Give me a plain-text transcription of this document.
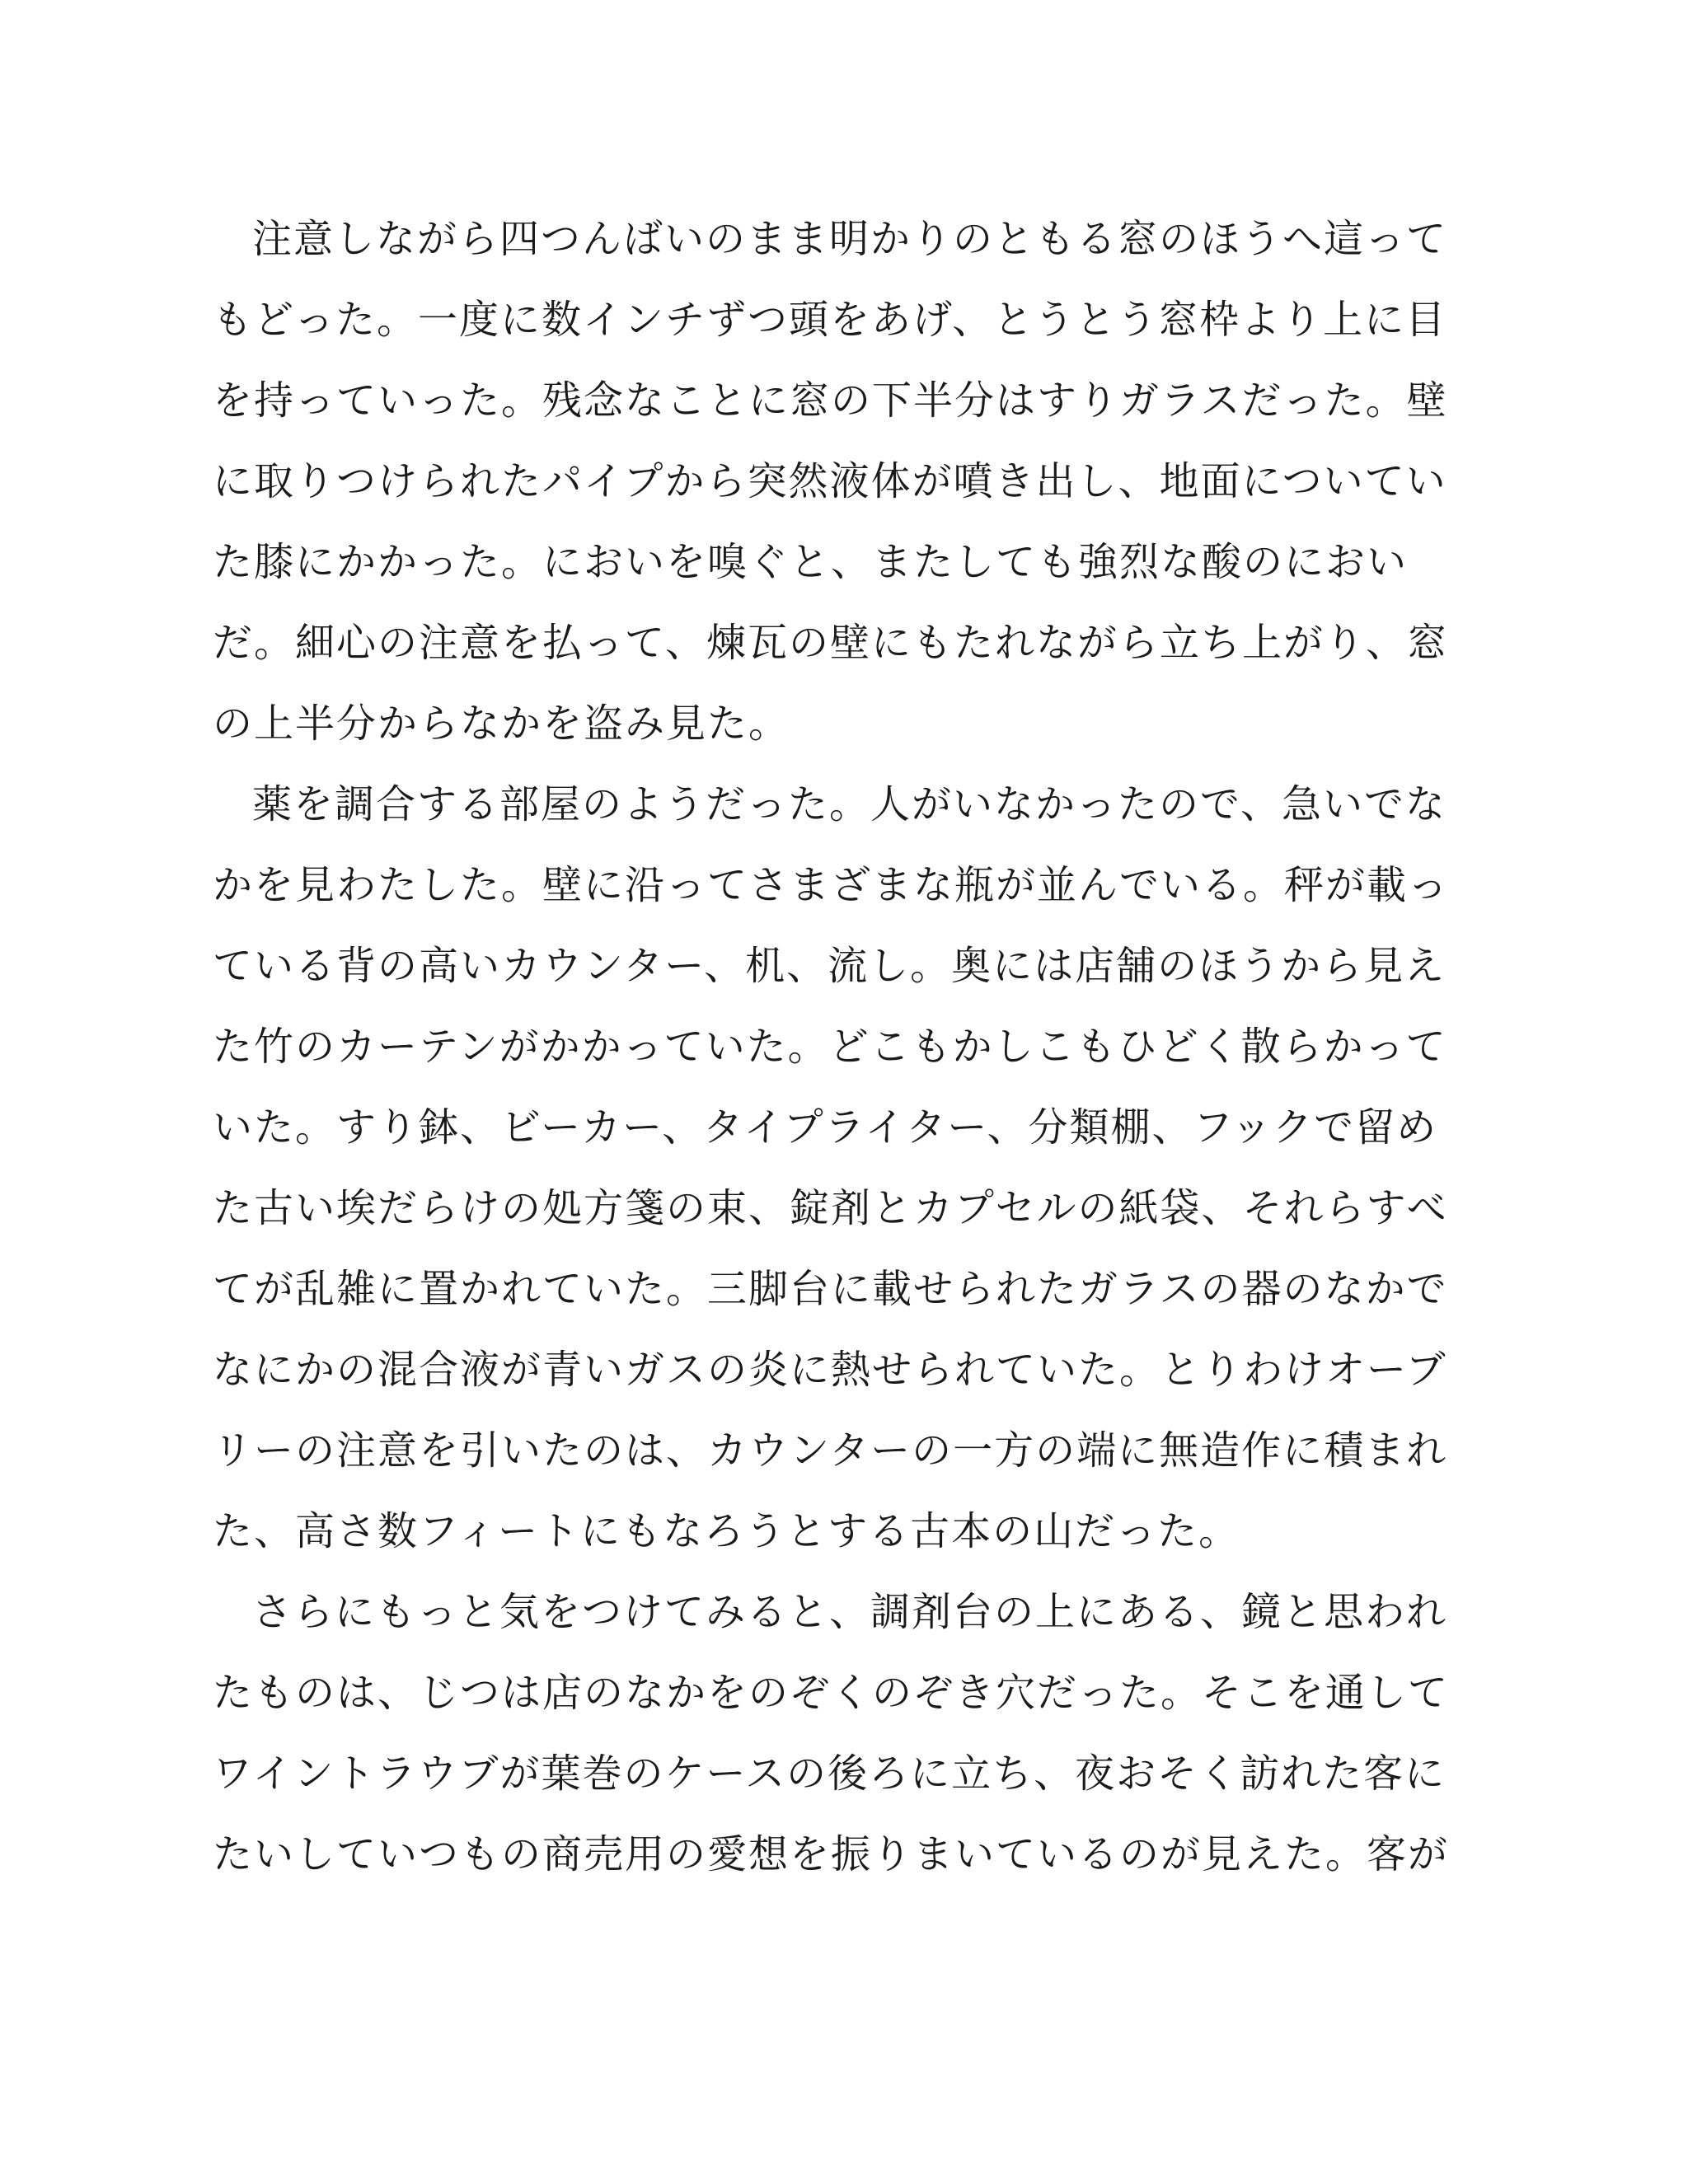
注意しながら四つんばいのまま明かりのともる窓のほうへ這って
もどった。一度に数インチずつ頭をあげ、とうとう窓枠より上に目
を持っていった。残念なことに窓の下半分はすりガラスだった。壁
に取りつけられたパイプから突然液体が噴き出し、地面についてい
た膝にかかった。においを嗅ぐと、またしても強烈な酸のにおい
だ。細心の注意を払って、煉瓦の壁にもたれながら立ち上がり、窓
の上半分からなかを盗み見た。
薬を調合する部屋のようだった。人がいなかったので、急いでな
かを見わたした。壁に沿ってさまざまな瓶が並んでいる。秤が載っ
ている背の高いカウンター、机、流し。奥には店舗のほうから見え
た竹のカーテンがかかっていた。どこもかしこもひどく散らかって
いた。すり鉢、ビーカー、タイプライター、分類棚、フックで留め
た古い埃だらけの処方箋の束、錠剤とカプセルの紙袋、それらすべ
てが乱雑に置かれていた。三脚台に載せられたガラスの器のなかで
なにかの混合液が青いガスの炎に熱せられていた。とりわけオーブ
リーの注意を引いたのは、カウンターの一方の端に無造作に積まれ
た、高さ数フィートにもなろうとする古本の山だった。
さらにもっと気をつけてみると、調剤台の上にある、鏡と思われ
たものは、じつは店のなかをのぞくのぞき穴だった。そこを通して
ワイントラウブが葉巻のケースの後ろに立ち、夜おそく訪れた客に
たいしていつもの商売用の愛想を振りまいているのが見えた。客が
